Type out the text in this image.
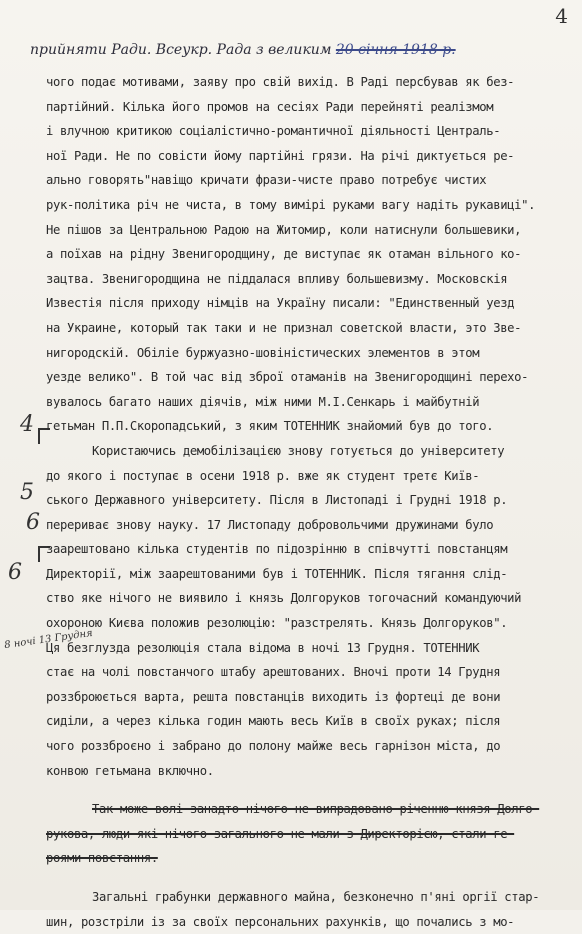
4
прийняти Ради. Всеукр. Рада з великим 20 січня 1918 р.
4
5
6
6
8 ночі 13 Грудня
чого подає мотивами, заяву про свій вихід. В Раді персбував як без-
партійний. Кілька його промов на сесіях Ради перейняті реалізмом
і влучною критикою соціалістично-романтичної діяльності Централь-
ної Ради. Не по совісти йому партійні грязи. На річі диктується ре-
ально говорять"навіщо кричати фрази-чисте право потребує чистих
рук-політика річ не чиста, в тому вимірі руками вагу надіть рукавиці".
Не пішов за Центральною Радою на Житомир, коли натиснули большевики,
а поїхав на рідну Звенигородщину, де виступає як отаман вільного ко-
зацтва. Звенигородщина не піддалася впливу большевизму. Московскія
Известія після приходу німців на Україну писали: "Единственный уезд
на Украинe, который так таки и не признал советской власти, это Зве-
нигородскій. Обіліе буржуазно-шовіністических элементов в этом
уезде велико". В той час від зброї отаманів на Звенигородщині перехо-
вувалось багато наших діячів, між ними М.І.Сенкарь і майбутній
гетьман П.П.Скоропадський, з яким ТОТЕННИК знайомий був до того.
Користаючись демобілізацією знову готується до університету
до якого і поступає в осени 1918 р. вже як студент третє Київ-
ського Державного університету. Після в Листопаді і Грудні 1918 р.
перериває знову науку. 17 Листопаду добровольчими дружинами було
заарештовано кілька студентів по підозрінню в співчутті повстанцям
Директорії, між заарештованими був і ТОТЕННИК. Після тягання слід-
ство яке нічого не виявило і князь Долгоруков тогочасний командуючий
охороною Києва положив резолюцію: "разстрелять. Князь Долгоруков".
Ця безглузда резолюція стала відома в ночі 13 Грудня. ТОТЕННИК
стає на чолі повстанчого штабу арештованих. Вночі проти 14 Грудня
роззброюється варта, решта повстанців виходить із фортеці де вони
сиділи, а через кілька годин мають весь Київ в своїх руках; після
чого роззброєно і забрано до полону майже весь гарнізон міста, до
конвою гетьмана включно.
Так може волі занадто нічого не випрадовано річенню князя Долго-
рукова, люди які нічого загального не мали з Директорією, стали ге-
роями повстання.
Загальні грабунки державного майна, безконечно п'яні оргії стар-
шин, розстріли із за своїх персональних рахунків, що почались з мо-
